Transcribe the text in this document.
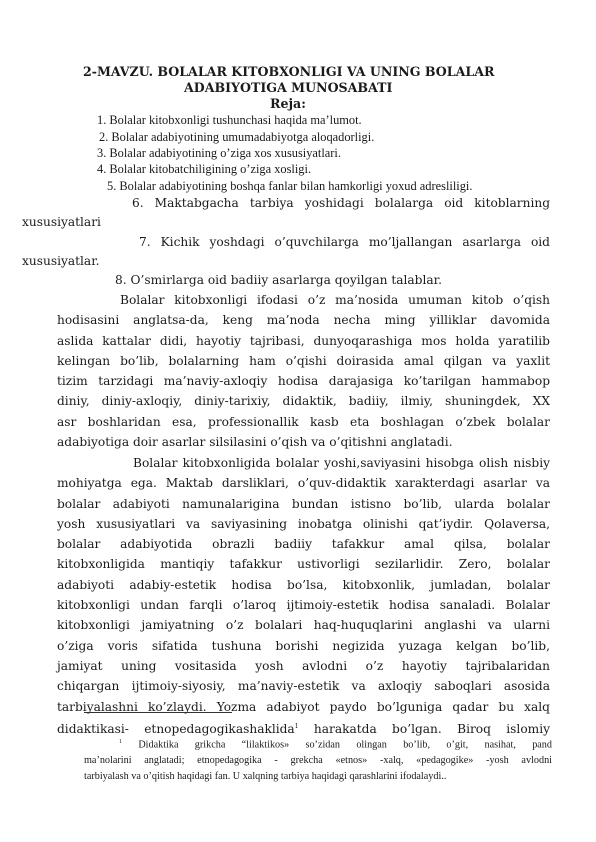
2-MAVZU. BOLALAR KITOBXONLIGI VA UNING BOLALAR
ADABIYOTIGA MUNOSABATI
Reja:
1. Bolalar kitobxonligi tushunchasi haqida ma’lumot.
2. Bolalar adabiyotining umumadabiyotga aloqadorligi.
3. Bolalar adabiyotining o’ziga xos xususiyatlari.
4. Bolalar kitobatchiligining o’ziga xosligi.
5. Bolalar adabiyotining boshqa fanlar bilan hamkorligi yoxud adresliligi.
6. Maktabgacha tarbiya yoshidagi bolalarga oid kitoblarning
xususiyatlari
7. Kichik yoshdagi o’quvchilarga mo’ljallangan asarlarga oid
xususiyatlar.
8. O’smirlarga oid badiiy asarlarga qoyilgan talablar.
Bolalar kitobxonligi ifodasi o’z ma’nosida umuman kitob o’qish
hodisasini anglatsa-da, keng ma’noda necha ming yilliklar davomida
aslida kattalar didi, hayotiy tajribasi, dunyoqarashiga mos holda yaratilib
kelingan bo’lib, bolalarning ham o’qishi doirasida amal qilgan va yaxlit
tizim tarzidagi ma’naviy-axloqiy hodisa darajasiga ko’tarilgan hammabop
diniy, diniy-axloqiy, diniy-tarixiy, didaktik, badiiy, ilmiy, shuningdek, XX
asr boshlaridan esa, professionallik kasb eta boshlagan o’zbek bolalar
adabiyotiga doir asarlar silsilasini o’qish va o’qitishni anglatadi.
Bolalar kitobxonligida bolalar yoshi,saviyasini hisobga olish nisbiy
mohiyatga ega. Maktab darsliklari, o’quv-didaktik xarakterdagi asarlar va
bolalar adabiyoti namunalarigina bundan istisno bo’lib, ularda bolalar
yosh xususiyatlari va saviyasining inobatga olinishi qat’iydir. Qolaversa,
bolalar adabiyotida obrazli badiiy tafakkur amal qilsa, bolalar
kitobxonligida mantiqiy tafakkur ustivorligi sezilarlidir. Zero, bolalar
adabiyoti adabiy-estetik hodisa bo’lsa, kitobxonlik, jumladan, bolalar
kitobxonligi undan farqli o’laroq ijtimoiy-estetik hodisa sanaladi. Bolalar
kitobxonligi jamiyatning o’z bolalari haq-huquqlarini anglashi va ularni
o’ziga voris sifatida tushuna borishi negizida yuzaga kelgan bo’lib,
jamiyat uning vositasida yosh avlodni o’z hayotiy tajribalaridan
chiqargan ijtimoiy-siyosiy, ma’naviy-estetik va axloqiy saboqlari asosida
tarbiyalashni ko’zlaydi. Yozma adabiyot paydo bo’lguniga qadar bu xalq
didaktikasi- etnopedagogikashaklida$^1$ harakatda bo’lgan. Biroq islomiy
$^1$ Didaktika grikcha “lilaktikos» so’zidan olingan bo’lib, o’git, nasihat, pand
ma’nolarini anglatadi; etnopedagogika - grekcha «etnos» -xalq, «pedagogike» -yosh avlodni
tarbiyalash va o’qitish haqidagi fan. U xalqning tarbiya haqidagi qarashlarini ifodalaydi..
